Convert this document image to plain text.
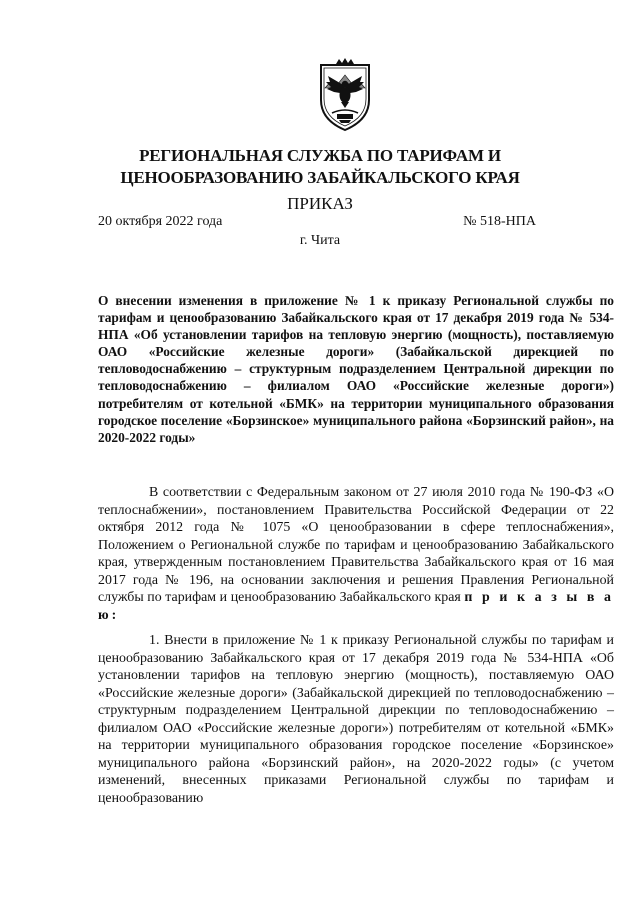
РЕГИОНАЛЬНАЯ СЛУЖБА ПО ТАРИФАМ И
ЦЕНООБРАЗОВАНИЮ ЗАБАЙКАЛЬСКОГО КРАЯ
ПРИКАЗ
20 октября 2022 года	№ 518-НПА
г. Чита
О внесении изменения в приложение № 1 к приказу Региональной службы по тарифам и ценообразованию Забайкальского края от 17 декабря 2019 года № 534-НПА «Об установлении тарифов на тепловую энергию (мощность), поставляемую ОАО «Российские железные дороги» (Забайкальской дирекцией по тепловодоснабжению – структурным подразделением Центральной дирекции по тепловодоснабжению – филиалом ОАО «Российские железные дороги») потребителям от котельной «БМК» на территории муниципального образования городское поселение «Борзинское» муниципального района «Борзинский район», на 2020-2022 годы»
В соответствии с Федеральным законом от 27 июля 2010 года № 190-ФЗ «О теплоснабжении», постановлением Правительства Российской Федерации от 22 октября 2012 года № 1075 «О ценообразовании в сфере теплоснабжения», Положением о Региональной службе по тарифам и ценообразованию Забайкальского края, утвержденным постановлением Правительства Забайкальского края от 16 мая 2017 года № 196, на основании заключения и решения Правления Региональной службы по тарифам и ценообразованию Забайкальского края п р и к а з ы в а ю:
1. Внести в приложение № 1 к приказу Региональной службы по тарифам и ценообразованию Забайкальского края от 17 декабря 2019 года № 534-НПА «Об установлении тарифов на тепловую энергию (мощность), поставляемую ОАО «Российские железные дороги» (Забайкальской дирекцией по тепловодоснабжению – структурным подразделением Центральной дирекции по тепловодоснабжению – филиалом ОАО «Российские железные дороги») потребителям от котельной «БМК» на территории муниципального образования городское поселение «Борзинское» муниципального района «Борзинский район», на 2020-2022 годы» (с учетом изменений, внесенных приказами Региональной службы по тарифам и ценообразованию
